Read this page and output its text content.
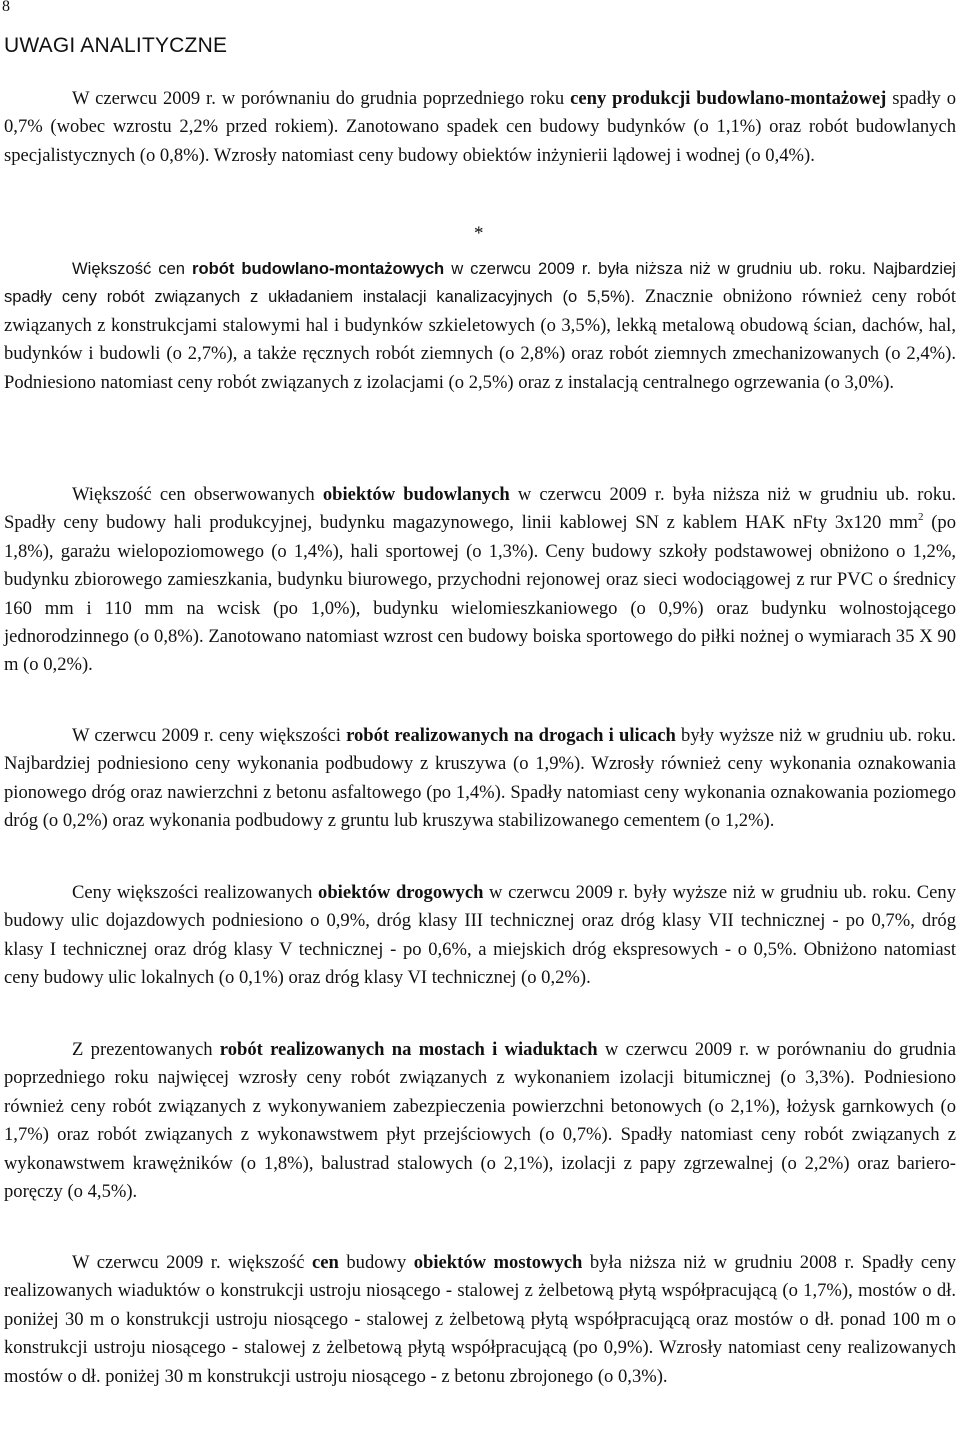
8
UWAGI ANALITYCZNE

W czerwcu 2009 r. w porównaniu do grudnia poprzedniego roku ceny produkcji budowlano-montażowej spadły o 0,7% (wobec wzrostu 2,2% przed rokiem). Zanotowano spadek cen budowy budynków (o 1,1%) oraz robót budowlanych specjalistycznych (o 0,8%). Wzrosły natomiast ceny budowy obiektów inżynierii lądowej i wodnej (o 0,4%).

*

Większość cen robót budowlano-montażowych w czerwcu 2009 r. była niższa niż w grudniu ub. roku. Najbardziej spadły ceny robót związanych z układaniem instalacji kanalizacyjnych (o 5,5%). Znacznie obniżono również ceny robót związanych z konstrukcjami stalowymi hal i budynków szkieletowych (o 3,5%), lekką metalową obudową ścian, dachów, hal, budynków i budowli (o 2,7%), a także ręcznych robót ziemnych (o 2,8%) oraz robót ziemnych zmechanizowanych (o 2,4%). Podniesiono natomiast ceny robót związanych z izolacjami (o 2,5%) oraz z instalacją centralnego ogrzewania (o 3,0%).

Większość cen obserwowanych obiektów budowlanych w czerwcu 2009 r. była niższa niż w grudniu ub. roku. Spadły ceny budowy hali produkcyjnej, budynku magazynowego, linii kablowej SN z kablem HAK nFty 3x120 $mm^2$ (po 1,8%), garażu wielopoziomowego (o 1,4%), hali sportowej (o 1,3%). Ceny budowy szkoły podstawowej obniżono o 1,2%, budynku zbiorowego zamieszkania, budynku biurowego, przychodni rejonowej oraz sieci wodociągowej z rur PVC o średnicy 160 mm i 110 mm na wcisk (po 1,0%), budynku wielomieszkaniowego (o 0,9%) oraz budynku wolnostojącego jednorodzinnego (o 0,8%). Zanotowano natomiast wzrost cen budowy boiska sportowego do piłki nożnej o wymiarach 35 X 90 m (o 0,2%).

W czerwcu 2009 r. ceny większości robót realizowanych na drogach i ulicach były wyższe niż w grudniu ub. roku. Najbardziej podniesiono ceny wykonania podbudowy z kruszywa (o 1,9%). Wzrosły również ceny wykonania oznakowania pionowego dróg oraz nawierzchni z betonu asfaltowego (po 1,4%). Spadły natomiast ceny wykonania oznakowania poziomego dróg (o 0,2%) oraz wykonania podbudowy z gruntu lub kruszywa stabilizowanego cementem (o 1,2%).

Ceny większości realizowanych obiektów drogowych w czerwcu 2009 r. były wyższe niż w grudniu ub. roku. Ceny budowy ulic dojazdowych podniesiono o 0,9%, dróg klasy III technicznej oraz dróg klasy VII technicznej - po 0,7%, dróg klasy I technicznej oraz dróg klasy V technicznej - po 0,6%, a miejskich dróg ekspresowych - o 0,5%. Obniżono natomiast ceny budowy ulic lokalnych (o 0,1%) oraz dróg klasy VI technicznej (o 0,2%).

Z prezentowanych robót realizowanych na mostach i wiaduktach w czerwcu 2009 r. w porównaniu do grudnia poprzedniego roku najwięcej wzrosły ceny robót związanych z wykonaniem izolacji bitumicznej (o 3,3%). Podniesiono również ceny robót związanych z wykonywaniem zabezpieczenia powierzchni betonowych (o 2,1%), łożysk garnkowych (o 1,7%) oraz robót związanych z wykonawstwem płyt przejściowych (o 0,7%). Spadły natomiast ceny robót związanych z wykonawstwem krawężników (o 1,8%), balustrad stalowych (o 2,1%), izolacji z papy zgrzewalnej (o 2,2%) oraz bariero-poręczy (o 4,5%).

W czerwcu 2009 r. większość cen budowy obiektów mostowych była niższa niż w grudniu 2008 r. Spadły ceny realizowanych wiaduktów o konstrukcji ustroju niosącego - stalowej z żelbetową płytą współpracującą (o 1,7%), mostów o dł. poniżej 30 m o konstrukcji ustroju niosącego - stalowej z żelbetową płytą współpracującą oraz mostów o dł. ponad 100 m o konstrukcji ustroju niosącego - stalowej z żelbetową płytą współpracującą (po 0,9%). Wzrosły natomiast ceny realizowanych mostów o dł. poniżej 30 m konstrukcji ustroju niosącego - z betonu zbrojonego (o 0,3%).
